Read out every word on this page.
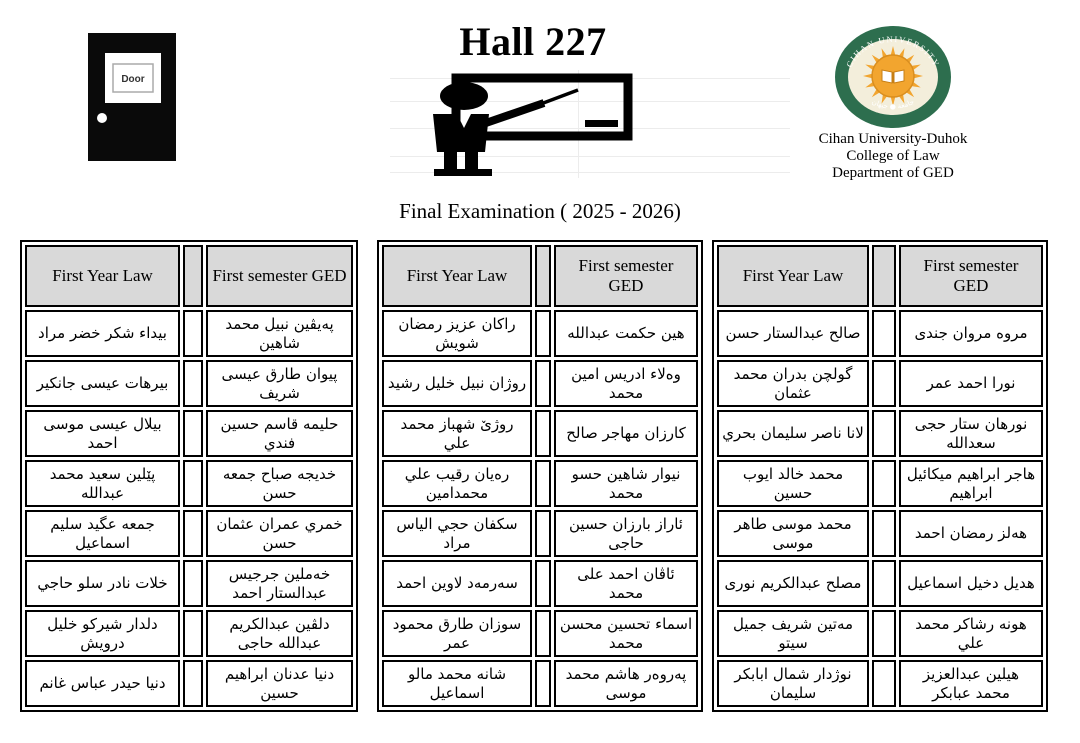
Door
Hall 227	CIHAN UNIVERSITY
جامعة ● جيهان
Cihan University-Duhok
College of Law
Department of GED
Final Examination ( 2025 - 2026)
First Year Law		First semester GED
بيداء شكر خضر مراد		پەيڤين نبيل محمد شاهين
بيرهات عيسى جانكير		پيوان طارق عيسى شريف
بيلال عيسى موسى احمد		حليمه قاسم حسين فندي
پێلين سعيد محمد عبدالله		خديجه صباح جمعه حسن
جمعه عگيد سليم اسماعيل		خمري عمران عثمان حسن
خلات نادر سلو حاجي		خەملين جرجيس عبدالستار احمد
دلدار شيركو خليل درويش		دلڤين عبدالكريم عبدالله حاجى
دنيا حيدر عباس غانم		دنيا عدنان ابراهيم حسين
First Year Law		First semester GED
راكان عزيز رمضان شويش		هين حكمت عبدالله
روژان نبيل خليل رشيد		وەلاء ادريس امين محمد
روژێ شهباز محمد علي		كارزان مهاجر صالح
رەيان رقيب علي محمدامين		نيوار شاهين حسو محمد
سكفان حجي الياس مراد		ئاراز بارزان حسين حاجى
سەرمەد لاوين احمد		ئاڤان احمد على محمد
سوزان طارق محمود عمر		اسماء تحسين محسن محمد
شانه محمد مالو اسماعيل		پەروەر هاشم محمد موسى
First Year Law		First semester GED
صالح عبدالستار حسن		مروه مروان جندى
گولچن بدران محمد عثمان		نورا احمد عمر
لانا ناصر سليمان بحري		نورهان ستار حجى سعدالله
محمد خالد ايوب حسين		هاجر ابراهيم ميكائيل ابراهيم
محمد موسى طاهر موسى		هەلز رمضان احمد
مصلح عبدالكريم نورى		هديل دخيل اسماعيل
مەتين شريف جميل سيتو		هونه رشاكر محمد علي
نوژدار شمال ابابكر سليمان		هيلين عبدالعزيز محمد عبابكر
